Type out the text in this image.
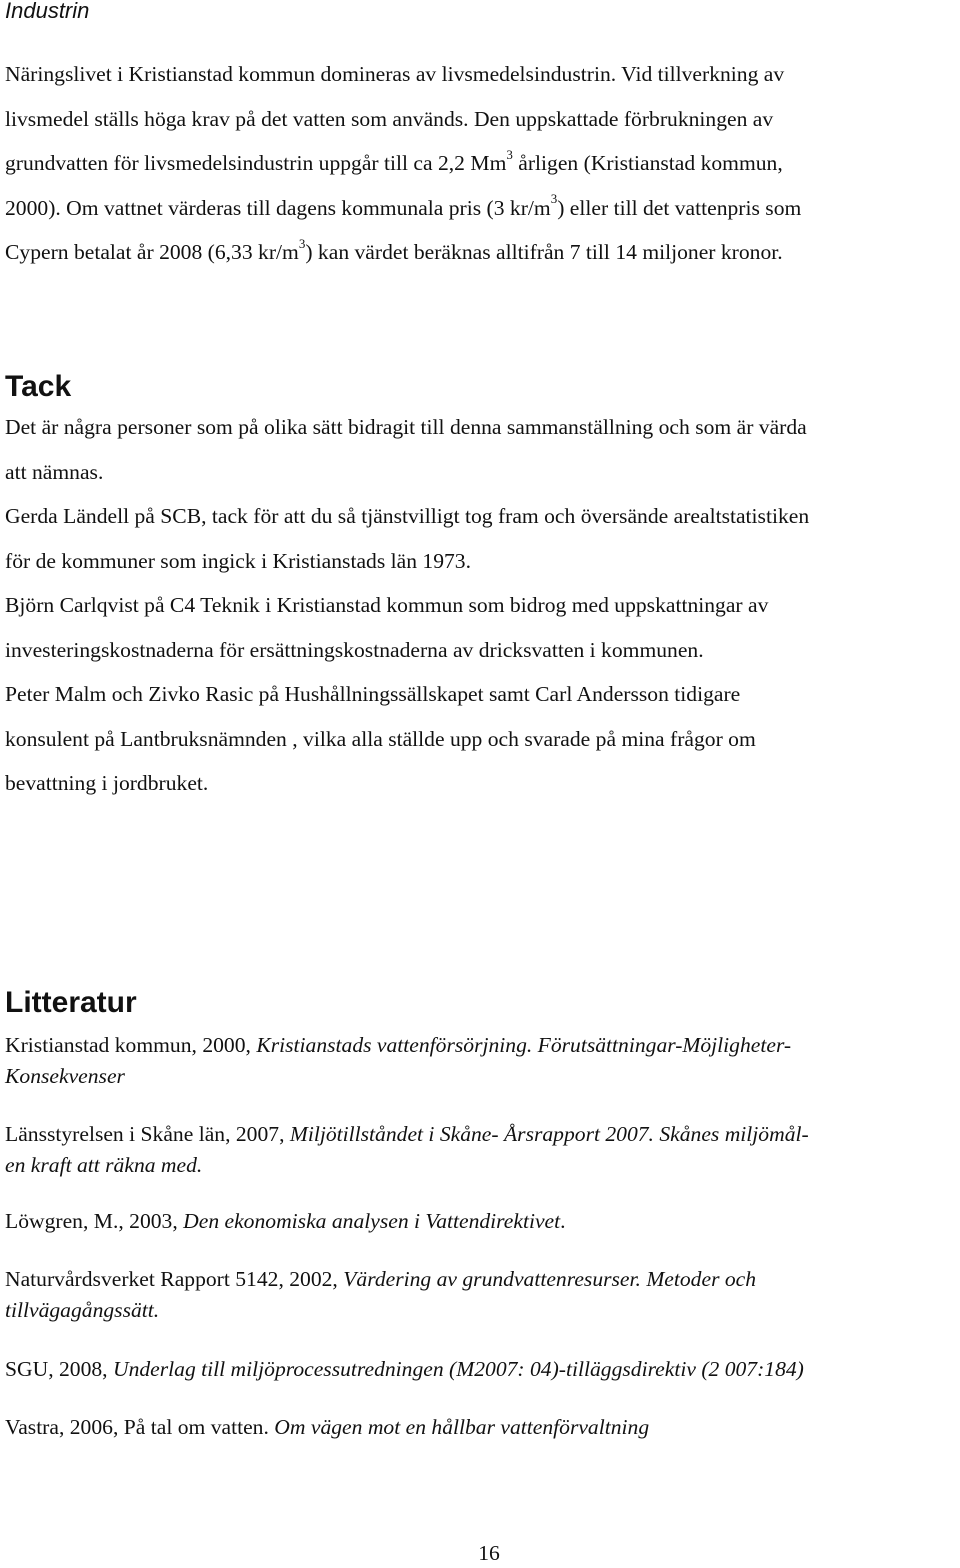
Industrin
Näringslivet i Kristianstad kommun domineras av livsmedelsindustrin. Vid tillverkning av
livsmedel ställs höga krav på det vatten som används. Den uppskattade förbrukningen av
grundvatten för livsmedelsindustrin uppgår till ca 2,2 Mm$^3$ årligen (Kristianstad kommun,
2000). Om vattnet värderas till dagens kommunala pris (3 $kr/m^3$) eller till det vattenpris som
Cypern betalat år 2008 (6,33 $kr/m^3$) kan värdet beräknas alltifrån 7 till 14 miljoner kronor.
Tack
Det är några personer som på olika sätt bidragit till denna sammanställning och som är värda
att nämnas.
Gerda Ländell på SCB, tack för att du så tjänstvilligt tog fram och översände arealtstatistiken
för de kommuner som ingick i Kristianstads län 1973.
Björn Carlqvist på C4 Teknik i Kristianstad kommun som bidrog med uppskattningar av
investeringskostnaderna för ersättningskostnaderna av dricksvatten i kommunen.
Peter Malm och Zivko Rasic på Hushållningssällskapet samt Carl Andersson tidigare
konsulent på Lantbruksnämnden , vilka alla ställde upp och svarade på mina frågor om
bevattning i jordbruket.
Litteratur
Kristianstad kommun, 2000, Kristianstads vattenförsörjning. Förutsättningar-Möjligheter-
Konsekvenser
Länsstyrelsen i Skåne län, 2007, Miljötillståndet i Skåne- Årsrapport 2007. Skånes miljömål-
en kraft att räkna med.
Löwgren, M., 2003, Den ekonomiska analysen i Vattendirektivet.
Naturvårdsverket Rapport 5142, 2002, Värdering av grundvattenresurser. Metoder och
tillvägagångssätt.
SGU, 2008, Underlag till miljöprocessutredningen (M2007: 04)-tilläggsdirektiv (2 007:184)
Vastra, 2006, På tal om vatten. Om vägen mot en hållbar vattenförvaltning
16
